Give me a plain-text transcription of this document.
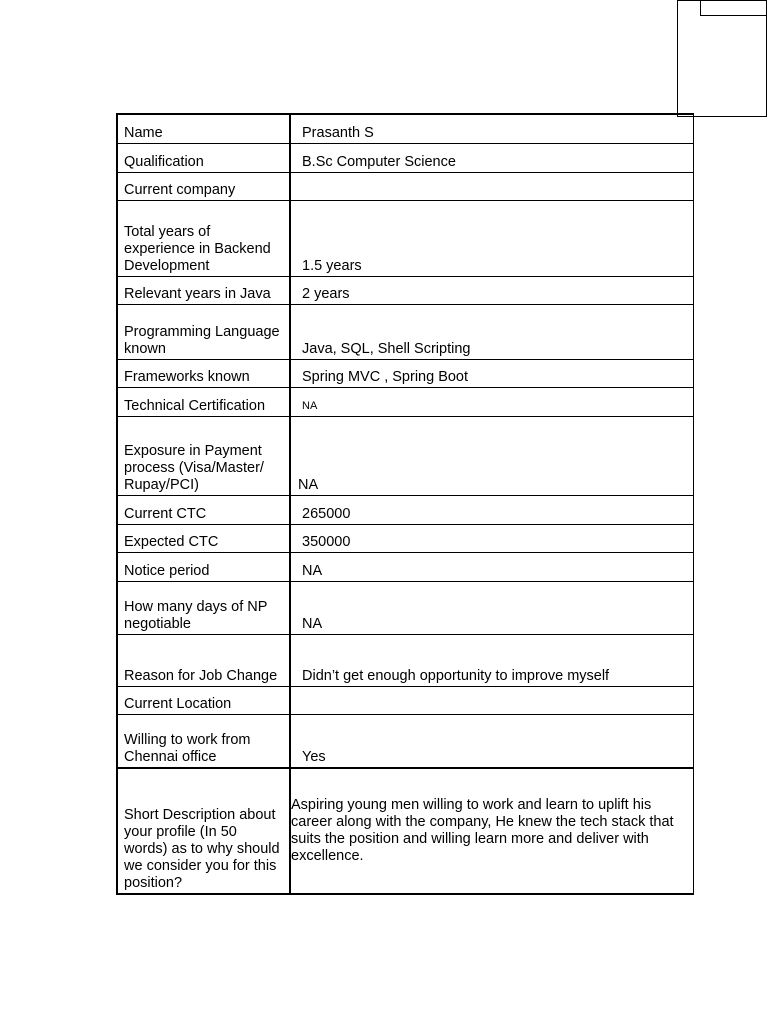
Name	Prasanth S
Qualification	B.Sc Computer Science
Current company	
Total years of experience in Backend Development	1.5 years
Relevant years in Java	2 years
Programming Language known	Java, SQL, Shell Scripting
Frameworks known	Spring MVC , Spring Boot
Technical Certification	NA
Exposure in Payment process (Visa/Master/ Rupay/PCI)	NA
Current CTC	265000
Expected CTC	350000
Notice period	NA
How many days of NP negotiable	NA
Reason for Job Change	Didn’t get enough opportunity to improve myself
Current Location	
Willing to work from Chennai office	Yes
Short Description about your profile (In 50 words) as to why should we consider you for this position?	Aspiring young men willing to work and learn to uplift his career along with the company, He knew the tech stack that suits the position and willing learn more and deliver with excellence.
